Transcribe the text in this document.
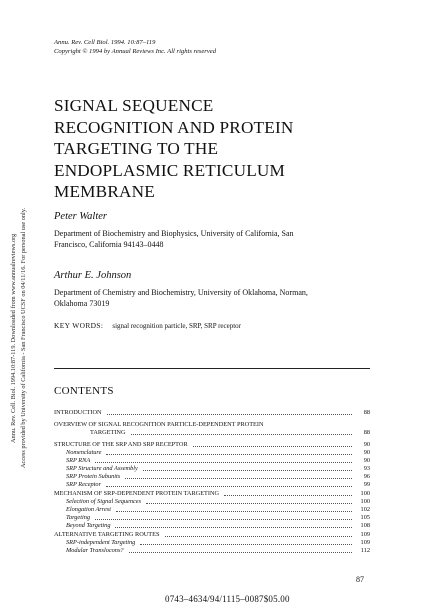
Annu. Rev. Cell. Biol. 1994.10:87-119. Downloaded from www.annualreviews.org Access provided by University of California - San Francisco UCSF on 04/11/16. For personal use only.
Annu. Rev. Cell Biol. 1994. 10:87–119
Copyright © 1994 by Annual Reviews Inc. All rights reserved
SIGNAL SEQUENCE
RECOGNITION AND PROTEIN
TARGETING TO THE
ENDOPLASMIC RETICULUM
MEMBRANE
Peter Walter
Department of Biochemistry and Biophysics, University of California, San
Francisco, California 94143–0448
Arthur E. Johnson
Department of Chemistry and Biochemistry, University of Oklahoma, Norman,
Oklahoma 73019
KEY WORDS: signal recognition particle, SRP, SRP receptor
CONTENTS
INTRODUCTION	88
OVERVIEW OF SIGNAL RECOGNITION PARTICLE-DEPENDENT PROTEIN
TARGETING	88
STRUCTURE OF THE SRP AND SRP RECEPTOR	90
Nomenclature	90
SRP RNA	90
SRP Structure and Assembly	93
SRP Protein Subunits	96
SRP Receptor	99
MECHANISM OF SRP-DEPENDENT PROTEIN TARGETING	100
Selection of Signal Sequences	100
Elongation Arrest	102
Targeting	105
Beyond Targeting	108
ALTERNATIVE TARGETING ROUTES	109
SRP-independent Targeting	109
Modular Translocons?	112
87
0743–4634/94/1115–0087$05.00
